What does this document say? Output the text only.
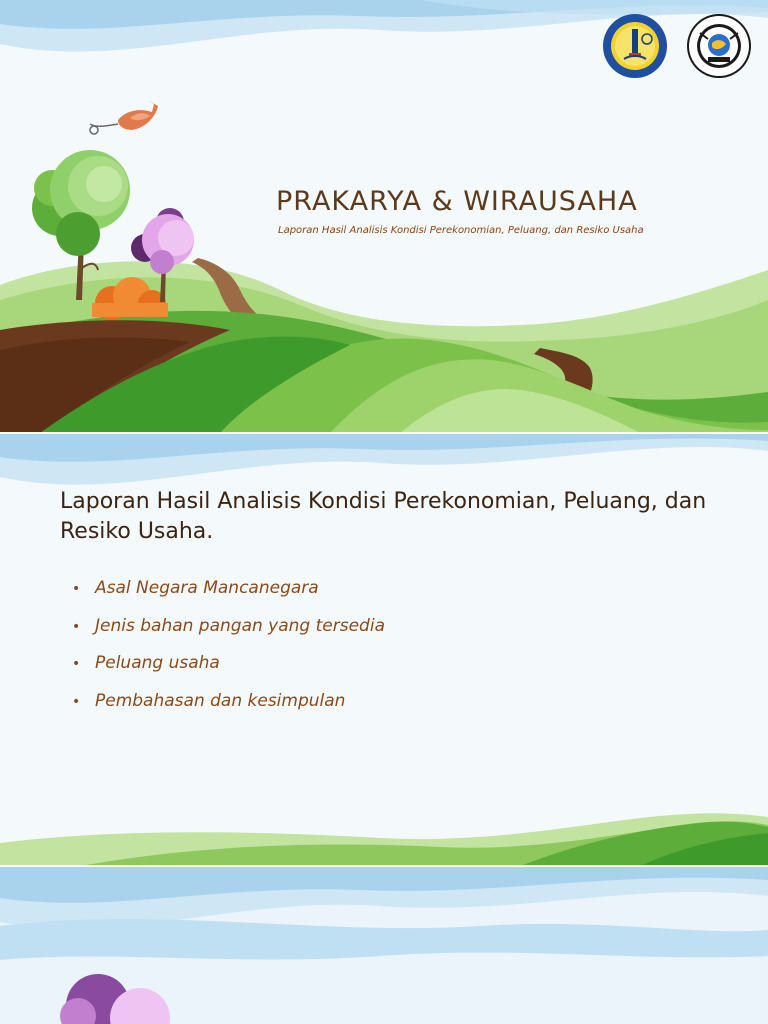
PRAKARYA & WIRAUSAHA

Laporan Hasil Analisis Kondisi Perekonomian, Peluang, dan Resiko Usaha

Laporan Hasil Analisis Kondisi Perekonomian, Peluang, dan Resiko Usaha.
• Asal Negara Mancanegara
• Jenis bahan pangan yang tersedia
• Peluang usaha
• Pembahasan dan kesimpulan
